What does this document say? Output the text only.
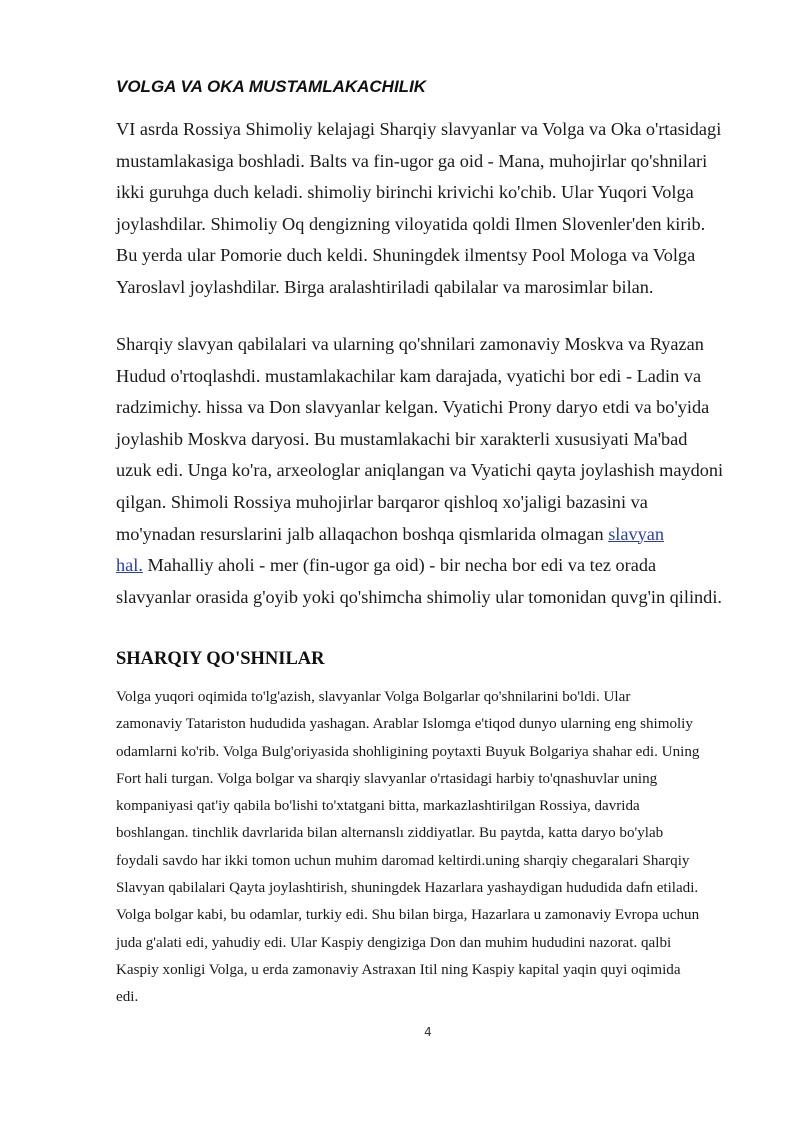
VOLGA VA OKA MUSTAMLAKACHILIK
VI asrda Rossiya Shimoliy kelajagi Sharqiy slavyanlar va Volga va Oka o'rtasidagi
mustamlakasiga boshladi. Balts va fin-ugor ga oid - Mana, muhojirlar qo'shnilari
ikki guruhga duch keladi. shimoliy birinchi krivichi ko'chib. Ular Yuqori Volga
joylashdilar. Shimoliy Oq dengizning viloyatida qoldi Ilmen Slovenler'den kirib.
Bu yerda ular Pomorie duch keldi. Shuningdek ilmentsy Pool Mologa va Volga
Yaroslavl joylashdilar. Birga aralashtiriladi qabilalar va marosimlar bilan.
Sharqiy slavyan qabilalari va ularning qo'shnilari zamonaviy Moskva va Ryazan
Hudud o'rtoqlashdi. mustamlakachilar kam darajada, vyatichi bor edi - Ladin va
radzimichy. hissa va Don slavyanlar kelgan. Vyatichi Prony daryo etdi va bo'yida
joylashib Moskva daryosi. Bu mustamlakachi bir xarakterli xususiyati Ma'bad
uzuk edi. Unga ko'ra, arxeologlar aniqlangan va Vyatichi qayta joylashish maydoni
qilgan. Shimoli Rossiya muhojirlar barqaror qishloq xo'jaligi bazasini va
mo'ynadan resurslarini jalb allaqachon boshqa qismlarida olmagan slavyan
hal. Mahalliy aholi - mer (fin-ugor ga oid) - bir necha bor edi va tez orada
slavyanlar orasida g'oyib yoki qo'shimcha shimoliy ular tomonidan quvg'in qilindi.
SHARQIY QO'SHNILAR
Volga yuqori oqimida to'lg'azish, slavyanlar Volga Bolgarlar qo'shnilarini bo'ldi. Ular
zamonaviy Tatariston hududida yashagan. Arablar Islomga e'tiqod dunyo ularning eng shimoliy
odamlarni ko'rib. Volga Bulg'oriyasida shohligining poytaxti Buyuk Bolgariya shahar edi. Uning
Fort hali turgan. Volga bolgar va sharqiy slavyanlar o'rtasidagi harbiy to'qnashuvlar uning
kompaniyasi qat'iy qabila bo'lishi to'xtatgani bitta, markazlashtirilgan Rossiya, davrida
boshlangan. tinchlik davrlarida bilan alternanslı ziddiyatlar. Bu paytda, katta daryo bo'ylab
foydali savdo har ikki tomon uchun muhim daromad keltirdi.uning sharqiy chegaralari Sharqiy
Slavyan qabilalari Qayta joylashtirish, shuningdek Hazarlara yashaydigan hududida dafn etiladi.
Volga bolgar kabi, bu odamlar, turkiy edi. Shu bilan birga, Hazarlara u zamonaviy Evropa uchun
juda g'alati edi, yahudiy edi. Ular Kaspiy dengiziga Don dan muhim hududini nazorat. qalbi
Kaspiy xonligi Volga, u erda zamonaviy Astraxan Itil ning Kaspiy kapital yaqin quyi oqimida
edi.
4
